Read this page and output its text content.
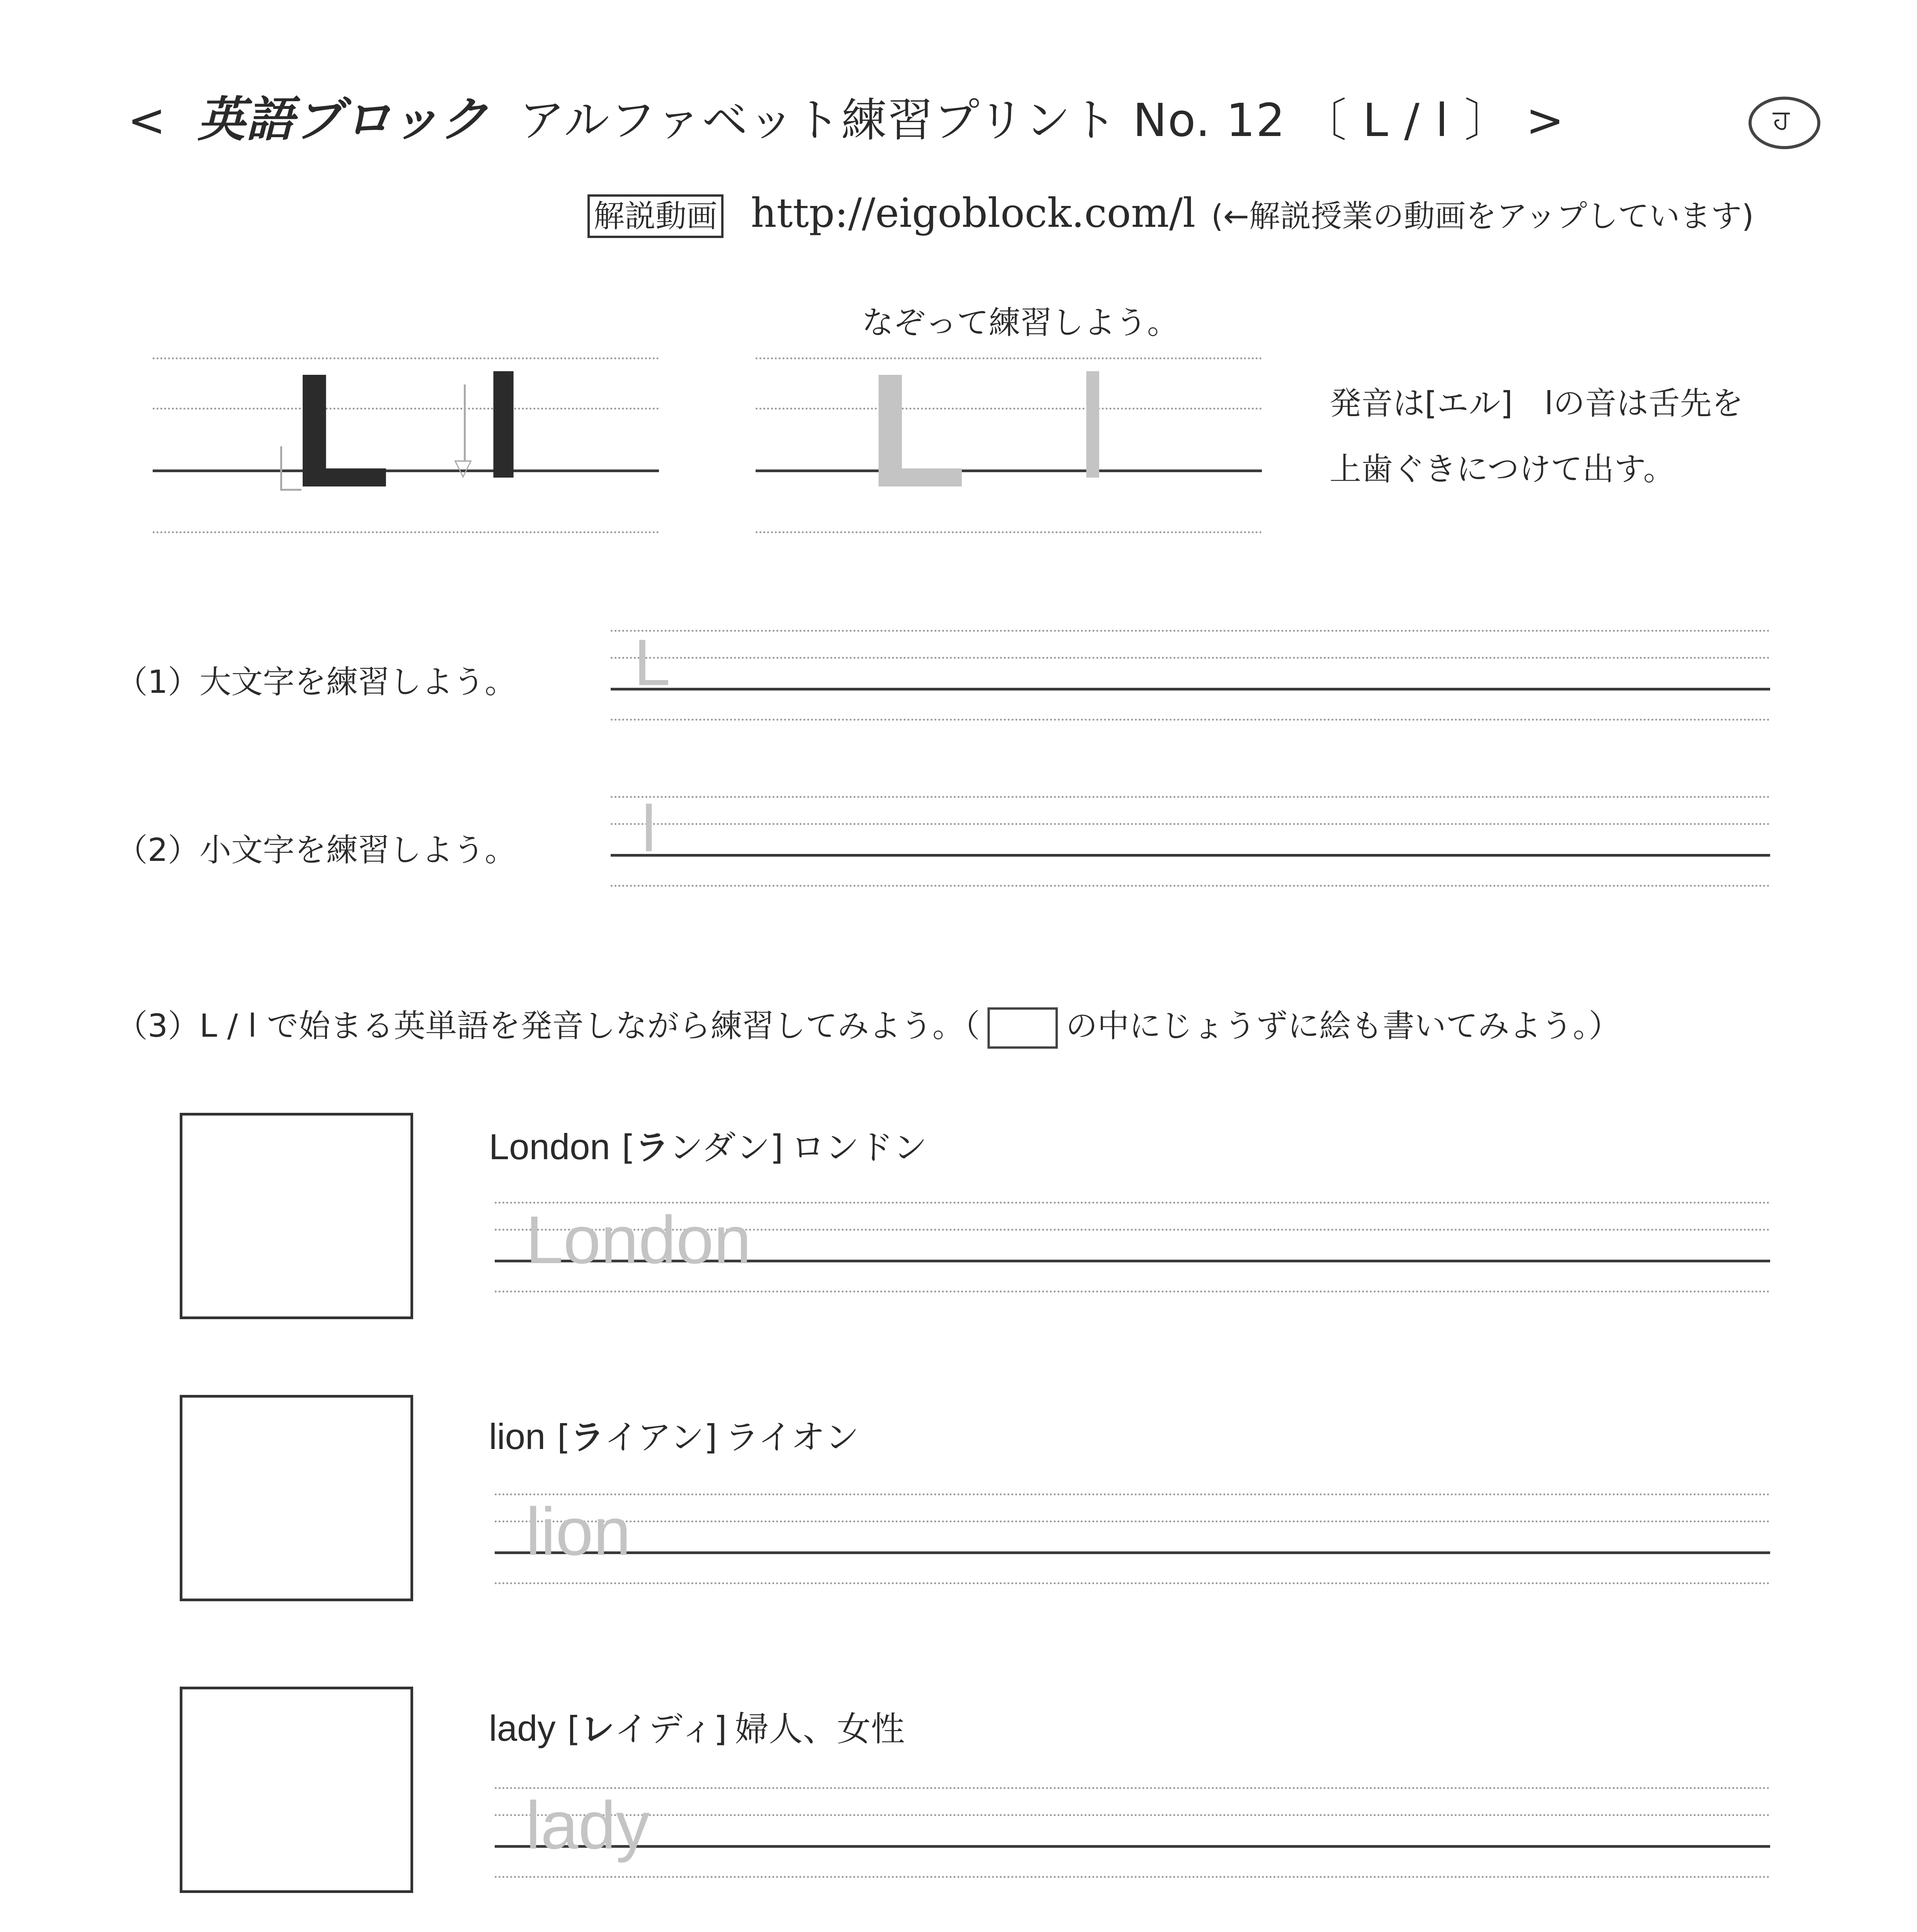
< 英語ブロック アルファベット練習プリント No. 12 〔 L / l 〕 >	ਹ
解説動画 http://eigoblock.com/l (←解説授業の動画をアップしています)
なぞって練習しよう。
L l
▽ L l	発音は[エル]　lの音は舌先を
上歯ぐきにつけて出す。
（1）大文字を練習しよう。 L
（2）小文字を練習しよう。 l
（3）L / l で始まる英単語を発音しながら練習してみよう。（	の中にじょうずに絵も書いてみよう。）
London [ランダン] ロンドン
London
lion [ライアン] ライオン
lion
lady [レイディ] 婦人、女性
lady
